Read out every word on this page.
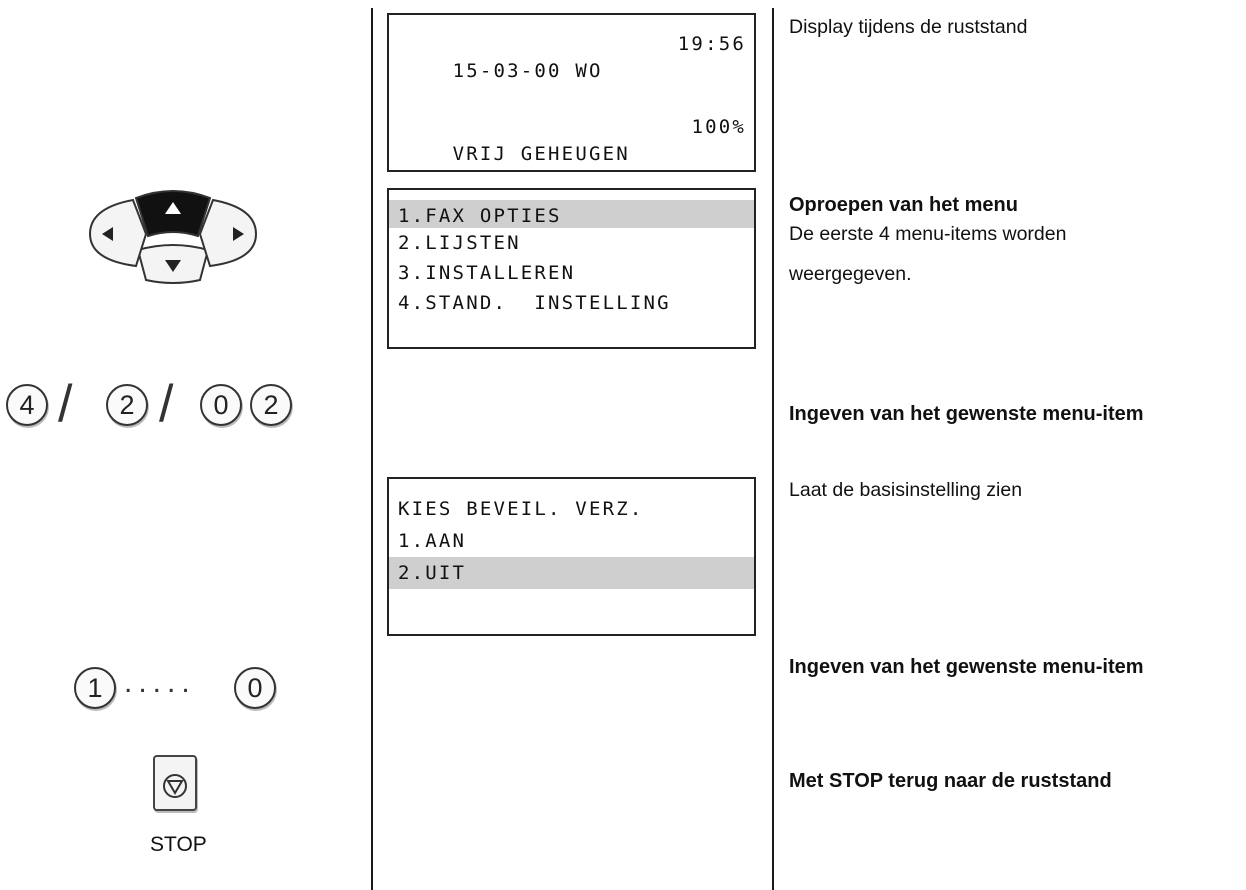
4 /	2 /	0	2
1 .....	0
STOP

15-03-00 WO

19:56

VRIJ GEHEUGEN

100%

1.FAX OPTIES
2.LIJSTEN
3.INSTALLEREN
4.STAND.  INSTELLING
KIES BEVEIL. VERZ.
1.AAN
2.UIT
Display tijdens de ruststand
Oproepen van het menu
De eerste 4 menu-items worden
weergegeven.
Ingeven van het gewenste menu-item
Laat de basisinstelling zien
Ingeven van het gewenste menu-item
Met STOP terug naar de ruststand
